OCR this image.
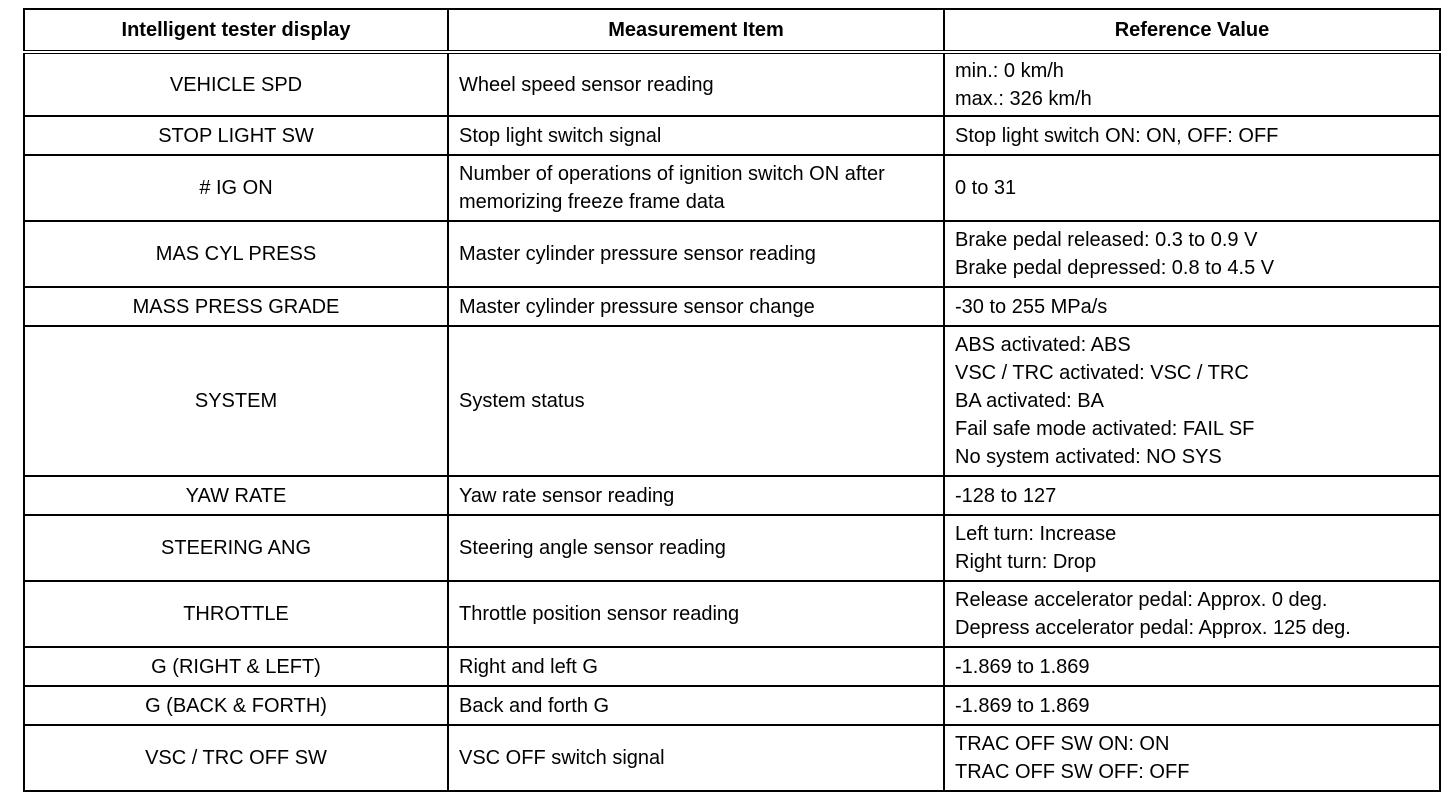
Intelligent tester display	Measurement Item	Reference Value
VEHICLE SPD	Wheel speed sensor reading	min.: 0 km/h
max.: 326 km/h

STOP LIGHT SW	Stop light switch signal	Stop light switch ON: ON, OFF: OFF

# IG ON	Number of operations of ignition switch ON after
memorizing freeze frame data	0 to 31

MAS CYL PRESS	Master cylinder pressure sensor reading	Brake pedal released: 0.3 to 0.9 V
Brake pedal depressed: 0.8 to 4.5 V

MASS PRESS GRADE	Master cylinder pressure sensor change	-30 to 255 MPa/s

SYSTEM	System status	ABS activated: ABS
VSC / TRC activated: VSC / TRC
BA activated: BA
Fail safe mode activated: FAIL SF
No system activated: NO SYS

YAW RATE	Yaw rate sensor reading	-128 to 127

STEERING ANG	Steering angle sensor reading	Left turn: Increase
Right turn: Drop

THROTTLE	Throttle position sensor reading	Release accelerator pedal: Approx. 0 deg.
Depress accelerator pedal: Approx. 125 deg.

G (RIGHT & LEFT)	Right and left G	-1.869 to 1.869

G (BACK & FORTH)	Back and forth G	-1.869 to 1.869

VSC / TRC OFF SW	VSC OFF switch signal	TRAC OFF SW ON: ON
TRAC OFF SW OFF: OFF
